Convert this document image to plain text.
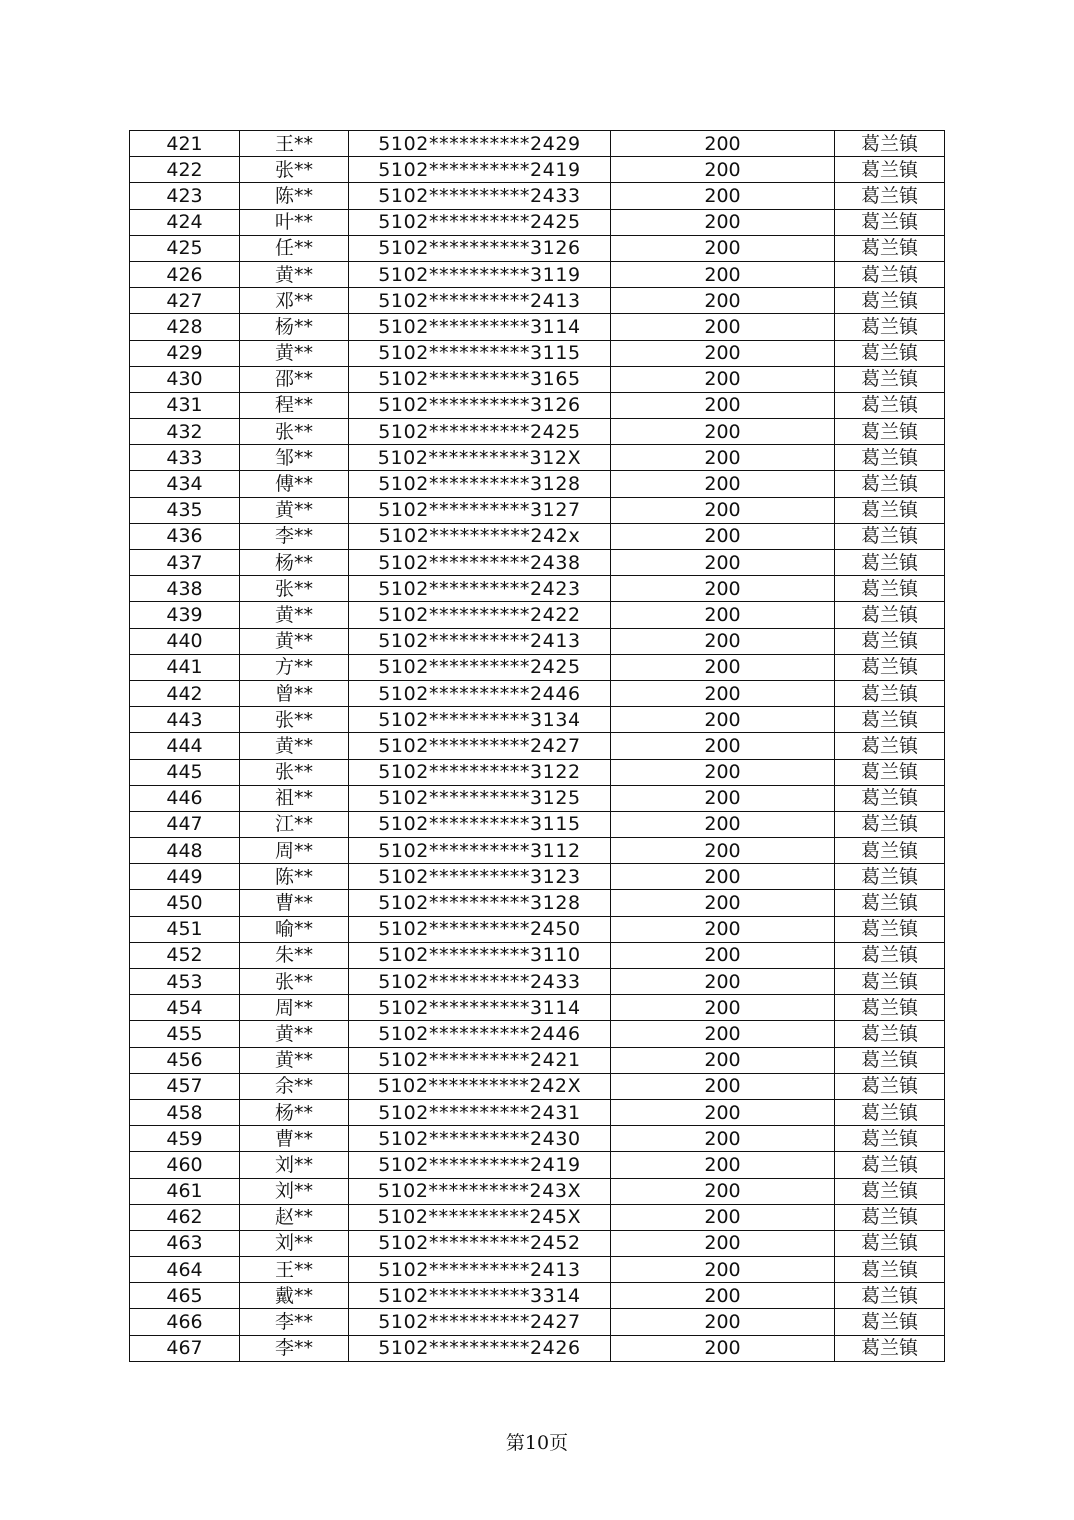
421	王**	5102**********2429	200	葛兰镇
422	张**	5102**********2419	200	葛兰镇
423	陈**	5102**********2433	200	葛兰镇
424	叶**	5102**********2425	200	葛兰镇
425	任**	5102**********3126	200	葛兰镇
426	黄**	5102**********3119	200	葛兰镇
427	邓**	5102**********2413	200	葛兰镇
428	杨**	5102**********3114	200	葛兰镇
429	黄**	5102**********3115	200	葛兰镇
430	邵**	5102**********3165	200	葛兰镇
431	程**	5102**********3126	200	葛兰镇
432	张**	5102**********2425	200	葛兰镇
433	邹**	5102**********312X	200	葛兰镇
434	傅**	5102**********3128	200	葛兰镇
435	黄**	5102**********3127	200	葛兰镇
436	李**	5102**********242x	200	葛兰镇
437	杨**	5102**********2438	200	葛兰镇
438	张**	5102**********2423	200	葛兰镇
439	黄**	5102**********2422	200	葛兰镇
440	黄**	5102**********2413	200	葛兰镇
441	方**	5102**********2425	200	葛兰镇
442	曾**	5102**********2446	200	葛兰镇
443	张**	5102**********3134	200	葛兰镇
444	黄**	5102**********2427	200	葛兰镇
445	张**	5102**********3122	200	葛兰镇
446	祖**	5102**********3125	200	葛兰镇
447	江**	5102**********3115	200	葛兰镇
448	周**	5102**********3112	200	葛兰镇
449	陈**	5102**********3123	200	葛兰镇
450	曹**	5102**********3128	200	葛兰镇
451	喻**	5102**********2450	200	葛兰镇
452	朱**	5102**********3110	200	葛兰镇
453	张**	5102**********2433	200	葛兰镇
454	周**	5102**********3114	200	葛兰镇
455	黄**	5102**********2446	200	葛兰镇
456	黄**	5102**********2421	200	葛兰镇
457	余**	5102**********242X	200	葛兰镇
458	杨**	5102**********2431	200	葛兰镇
459	曹**	5102**********2430	200	葛兰镇
460	刘**	5102**********2419	200	葛兰镇
461	刘**	5102**********243X	200	葛兰镇
462	赵**	5102**********245X	200	葛兰镇
463	刘**	5102**********2452	200	葛兰镇
464	王**	5102**********2413	200	葛兰镇
465	戴**	5102**********3314	200	葛兰镇
466	李**	5102**********2427	200	葛兰镇
467	李**	5102**********2426	200	葛兰镇
第10页
